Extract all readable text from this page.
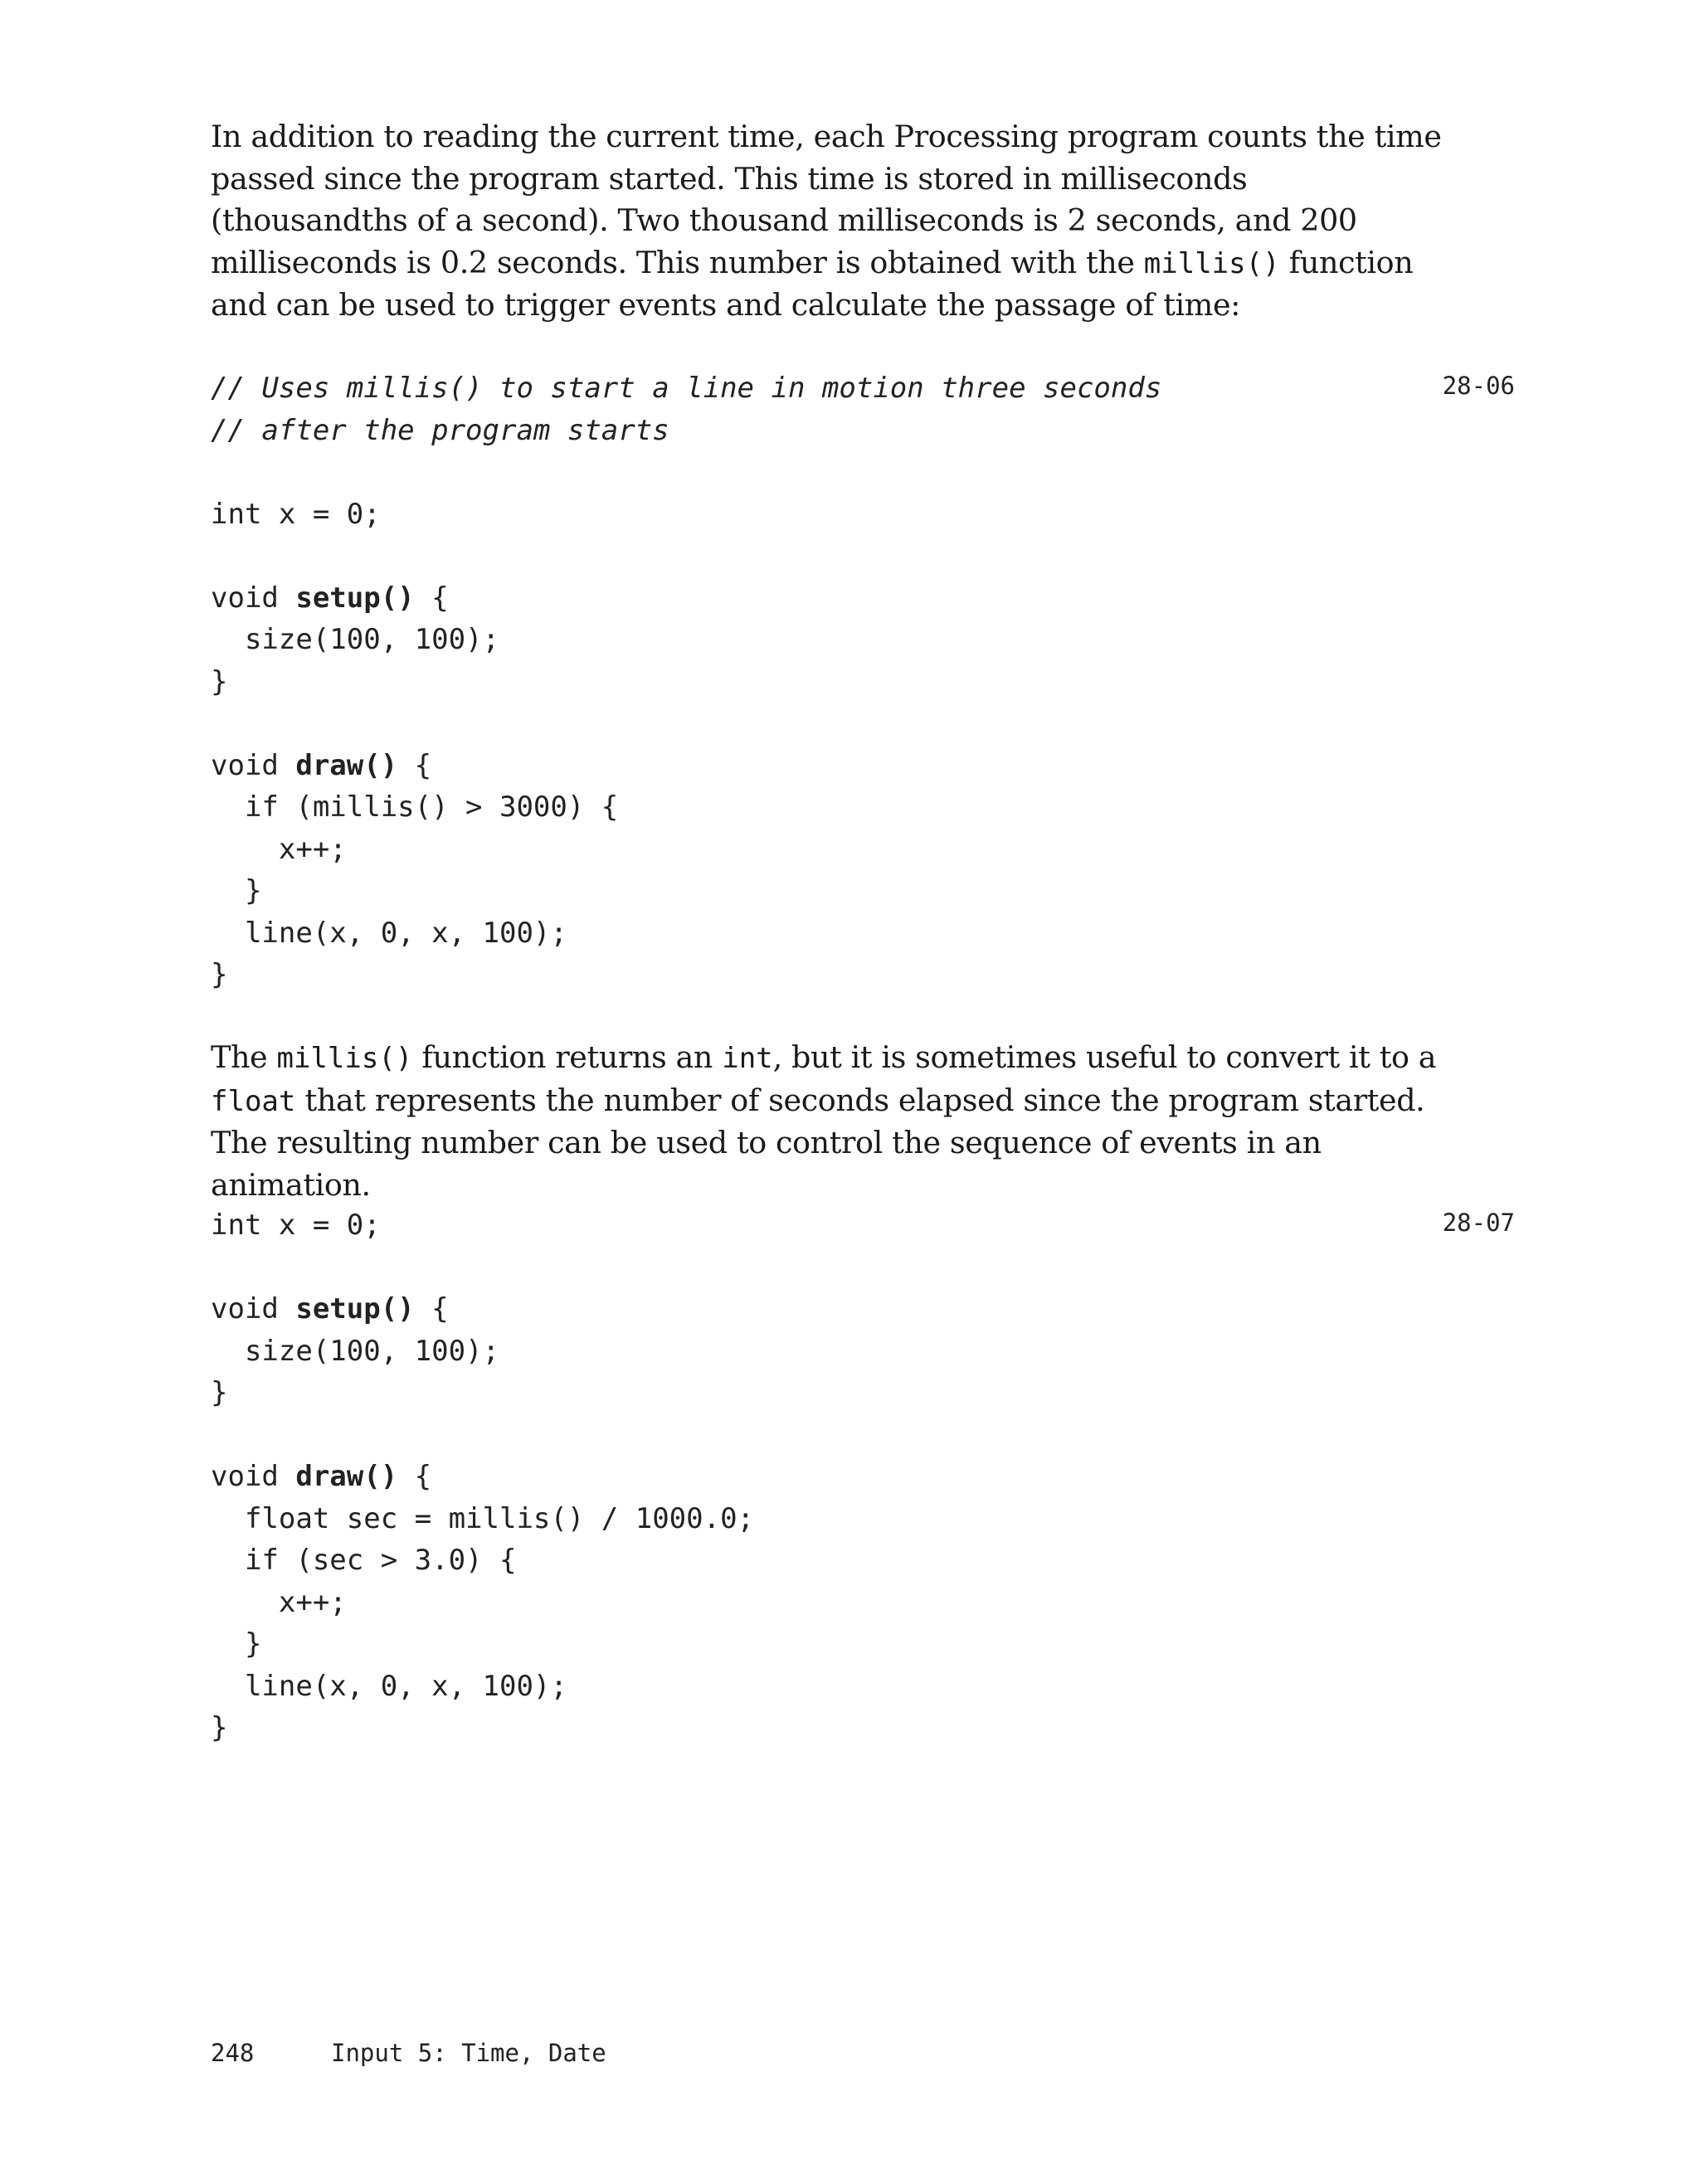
In addition to reading the current time, each Processing program counts the time passed since the program started. This time is stored in milliseconds (thousandths of a second). Two thousand milliseconds is 2 seconds, and 200 milliseconds is 0.2 seconds. This number is obtained with the millis() function and can be used to trigger events and calculate the passage of time:

28-06
// Uses millis() to start a line in motion three seconds
// after the program starts
int x = 0;
void setup() {
size(100, 100);
}
void draw() {
if (millis() > 3000) {
x++;
}
line(x, 0, x, 100);
}

The millis() function returns an int, but it is sometimes useful to convert it to a float that represents the number of seconds elapsed since the program started. The resulting number can be used to control the sequence of events in an animation.

28-07
int x = 0;
void setup() {
size(100, 100);
}
void draw() {
float sec = millis() / 1000.0;
if (sec > 3.0) {
x++;
}
line(x, 0, x, 100);
}
248	Input 5: Time, Date
